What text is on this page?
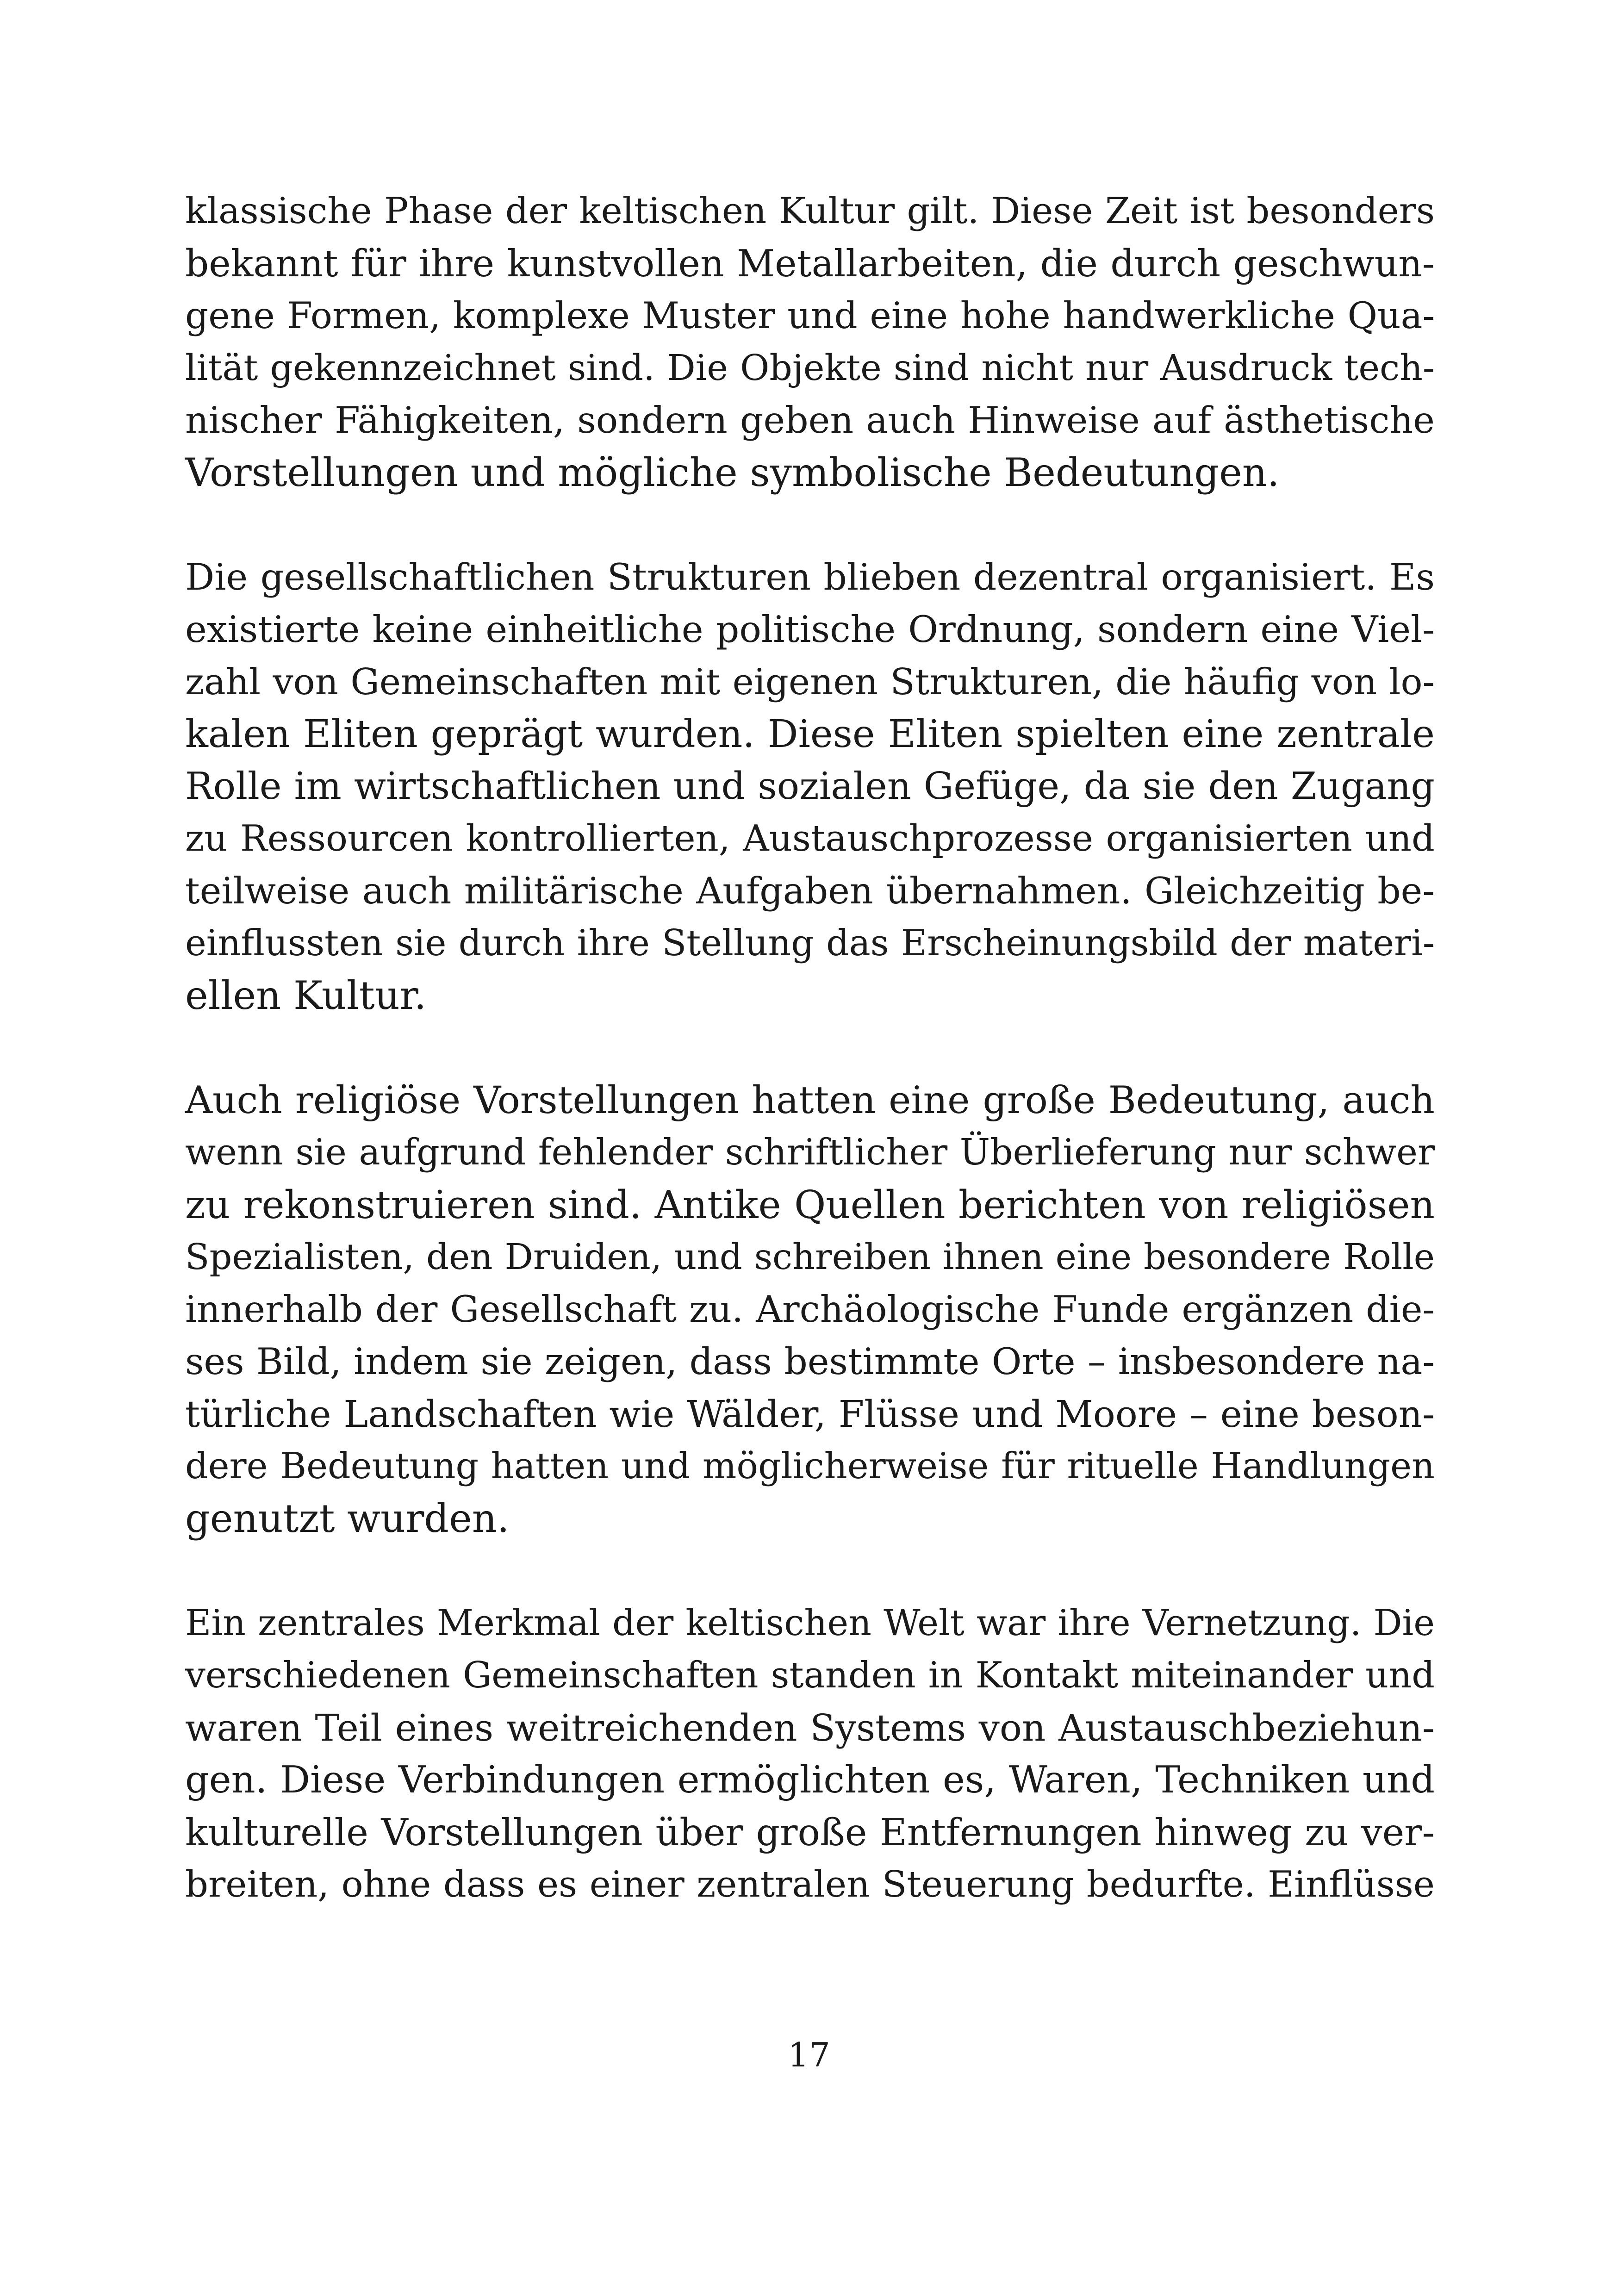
klassische Phase der keltischen Kultur gilt. Diese Zeit ist besonders
bekannt für ihre kunstvollen Metallarbeiten, die durch geschwun-
gene Formen, komplexe Muster und eine hohe handwerkliche Qua-
lität gekennzeichnet sind. Die Objekte sind nicht nur Ausdruck tech-
nischer Fähigkeiten, sondern geben auch Hinweise auf ästhetische
Vorstellungen und mögliche symbolische Bedeutungen.

Die gesellschaftlichen Strukturen blieben dezentral organisiert. Es
existierte keine einheitliche politische Ordnung, sondern eine Viel-
zahl von Gemeinschaften mit eigenen Strukturen, die häufig von lo-
kalen Eliten geprägt wurden. Diese Eliten spielten eine zentrale
Rolle im wirtschaftlichen und sozialen Gefüge, da sie den Zugang
zu Ressourcen kontrollierten, Austauschprozesse organisierten und
teilweise auch militärische Aufgaben übernahmen. Gleichzeitig be-
einflussten sie durch ihre Stellung das Erscheinungsbild der materi-
ellen Kultur.

Auch religiöse Vorstellungen hatten eine große Bedeutung, auch
wenn sie aufgrund fehlender schriftlicher Überlieferung nur schwer
zu rekonstruieren sind. Antike Quellen berichten von religiösen
Spezialisten, den Druiden, und schreiben ihnen eine besondere Rolle
innerhalb der Gesellschaft zu. Archäologische Funde ergänzen die-
ses Bild, indem sie zeigen, dass bestimmte Orte – insbesondere na-
türliche Landschaften wie Wälder, Flüsse und Moore – eine beson-
dere Bedeutung hatten und möglicherweise für rituelle Handlungen
genutzt wurden.

Ein zentrales Merkmal der keltischen Welt war ihre Vernetzung. Die
verschiedenen Gemeinschaften standen in Kontakt miteinander und
waren Teil eines weitreichenden Systems von Austauschbeziehun-
gen. Diese Verbindungen ermöglichten es, Waren, Techniken und
kulturelle Vorstellungen über große Entfernungen hinweg zu ver-
breiten, ohne dass es einer zentralen Steuerung bedurfte. Einflüsse

17
